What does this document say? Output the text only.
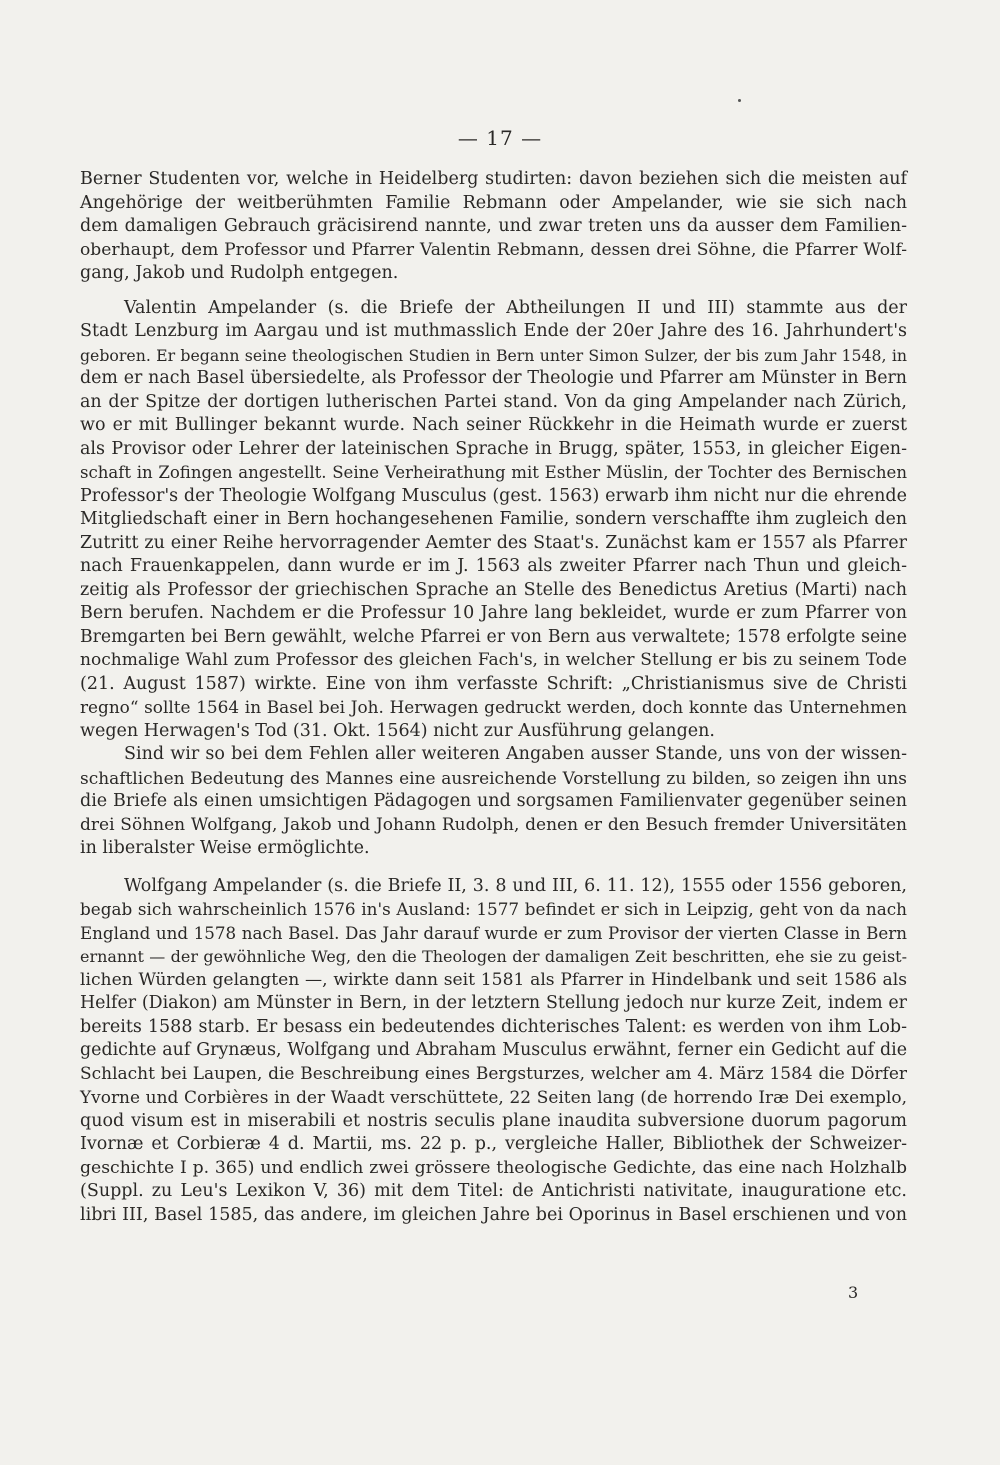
— 17 —
Berner Studenten vor, welche in Heidelberg studirten: davon beziehen sich die meisten auf
Angehörige der weitberühmten Familie Rebmann oder Ampelander, wie sie sich nach
dem damaligen Gebrauch gräcisirend nannte, und zwar treten uns da ausser dem Familien-
oberhaupt, dem Professor und Pfarrer Valentin Rebmann, dessen drei Söhne, die Pfarrer Wolf-
gang, Jakob und Rudolph entgegen.
Valentin Ampelander (s. die Briefe der Abtheilungen II und III) stammte aus der
Stadt Lenzburg im Aargau und ist muthmasslich Ende der 20er Jahre des 16. Jahrhundert's
geboren. Er begann seine theologischen Studien in Bern unter Simon Sulzer, der bis zum Jahr 1548, in
dem er nach Basel übersiedelte, als Professor der Theologie und Pfarrer am Münster in Bern
an der Spitze der dortigen lutherischen Partei stand. Von da ging Ampelander nach Zürich,
wo er mit Bullinger bekannt wurde. Nach seiner Rückkehr in die Heimath wurde er zuerst
als Provisor oder Lehrer der lateinischen Sprache in Brugg, später, 1553, in gleicher Eigen-
schaft in Zofingen angestellt. Seine Verheirathung mit Esther Müslin, der Tochter des Bernischen
Professor's der Theologie Wolfgang Musculus (gest. 1563) erwarb ihm nicht nur die ehrende
Mitgliedschaft einer in Bern hochangesehenen Familie, sondern verschaffte ihm zugleich den
Zutritt zu einer Reihe hervorragender Aemter des Staat's. Zunächst kam er 1557 als Pfarrer
nach Frauenkappelen, dann wurde er im J. 1563 als zweiter Pfarrer nach Thun und gleich-
zeitig als Professor der griechischen Sprache an Stelle des Benedictus Aretius (Marti) nach
Bern berufen. Nachdem er die Professur 10 Jahre lang bekleidet, wurde er zum Pfarrer von
Bremgarten bei Bern gewählt, welche Pfarrei er von Bern aus verwaltete; 1578 erfolgte seine
nochmalige Wahl zum Professor des gleichen Fach's, in welcher Stellung er bis zu seinem Tode
(21. August 1587) wirkte. Eine von ihm verfasste Schrift: „Christianismus sive de Christi
regno“ sollte 1564 in Basel bei Joh. Herwagen gedruckt werden, doch konnte das Unternehmen
wegen Herwagen's Tod (31. Okt. 1564) nicht zur Ausführung gelangen.
Sind wir so bei dem Fehlen aller weiteren Angaben ausser Stande, uns von der wissen-
schaftlichen Bedeutung des Mannes eine ausreichende Vorstellung zu bilden, so zeigen ihn uns
die Briefe als einen umsichtigen Pädagogen und sorgsamen Familienvater gegenüber seinen
drei Söhnen Wolfgang, Jakob und Johann Rudolph, denen er den Besuch fremder Universitäten
in liberalster Weise ermöglichte.
Wolfgang Ampelander (s. die Briefe II, 3. 8 und III, 6. 11. 12), 1555 oder 1556 geboren,
begab sich wahrscheinlich 1576 in's Ausland: 1577 befindet er sich in Leipzig, geht von da nach
England und 1578 nach Basel. Das Jahr darauf wurde er zum Provisor der vierten Classe in Bern
ernannt — der gewöhnliche Weg, den die Theologen der damaligen Zeit beschritten, ehe sie zu geist-
lichen Würden gelangten —, wirkte dann seit 1581 als Pfarrer in Hindelbank und seit 1586 als
Helfer (Diakon) am Münster in Bern, in der letztern Stellung jedoch nur kurze Zeit, indem er
bereits 1588 starb. Er besass ein bedeutendes dichterisches Talent: es werden von ihm Lob-
gedichte auf Grynæus, Wolfgang und Abraham Musculus erwähnt, ferner ein Gedicht auf die
Schlacht bei Laupen, die Beschreibung eines Bergsturzes, welcher am 4. März 1584 die Dörfer
Yvorne und Corbières in der Waadt verschüttete, 22 Seiten lang (de horrendo Iræ Dei exemplo,
quod visum est in miserabili et nostris seculis plane inaudita subversione duorum pagorum
Ivornæ et Corbieræ 4 d. Martii, ms. 22 p. p., vergleiche Haller, Bibliothek der Schweizer-
geschichte I p. 365) und endlich zwei grössere theologische Gedichte, das eine nach Holzhalb
(Suppl. zu Leu's Lexikon V, 36) mit dem Titel: de Antichristi nativitate, inauguratione etc.
libri III, Basel 1585, das andere, im gleichen Jahre bei Oporinus in Basel erschienen und von
3
